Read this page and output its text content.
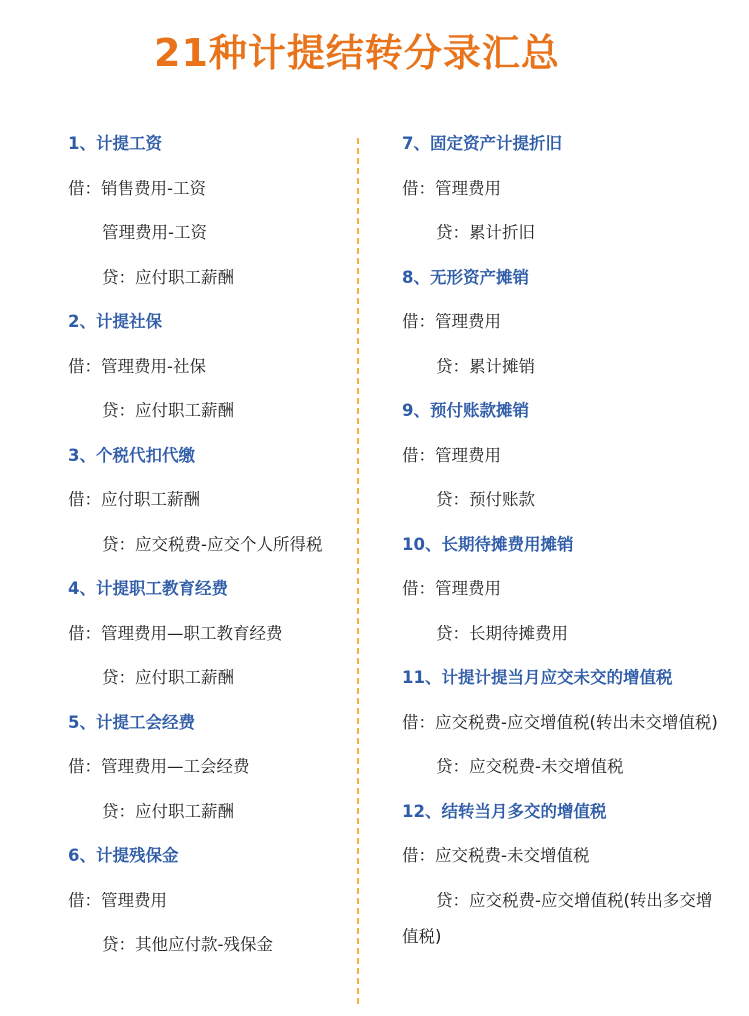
21种计提结转分录汇总
1、计提工资
借：销售费用-工资
管理费用-工资
贷：应付职工薪酬
2、计提社保
借：管理费用-社保
贷：应付职工薪酬
3、个税代扣代缴
借：应付职工薪酬
贷：应交税费-应交个人所得税
4、计提职工教育经费
借：管理费用—职工教育经费
贷：应付职工薪酬
5、计提工会经费
借：管理费用—工会经费
贷：应付职工薪酬
6、计提残保金
借：管理费用
贷：其他应付款-残保金
7、固定资产计提折旧
借：管理费用
贷：累计折旧
8、无形资产摊销
借：管理费用
贷：累计摊销
9、预付账款摊销
借：管理费用
贷：预付账款
10、长期待摊费用摊销
借：管理费用
贷：长期待摊费用
11、计提计提当月应交未交的增值税
借：应交税费-应交增值税(转出未交增值税)
贷：应交税费-未交增值税
12、结转当月多交的增值税
借：应交税费-未交增值税
贷：应交税费-应交增值税(转出多交增
值税)
